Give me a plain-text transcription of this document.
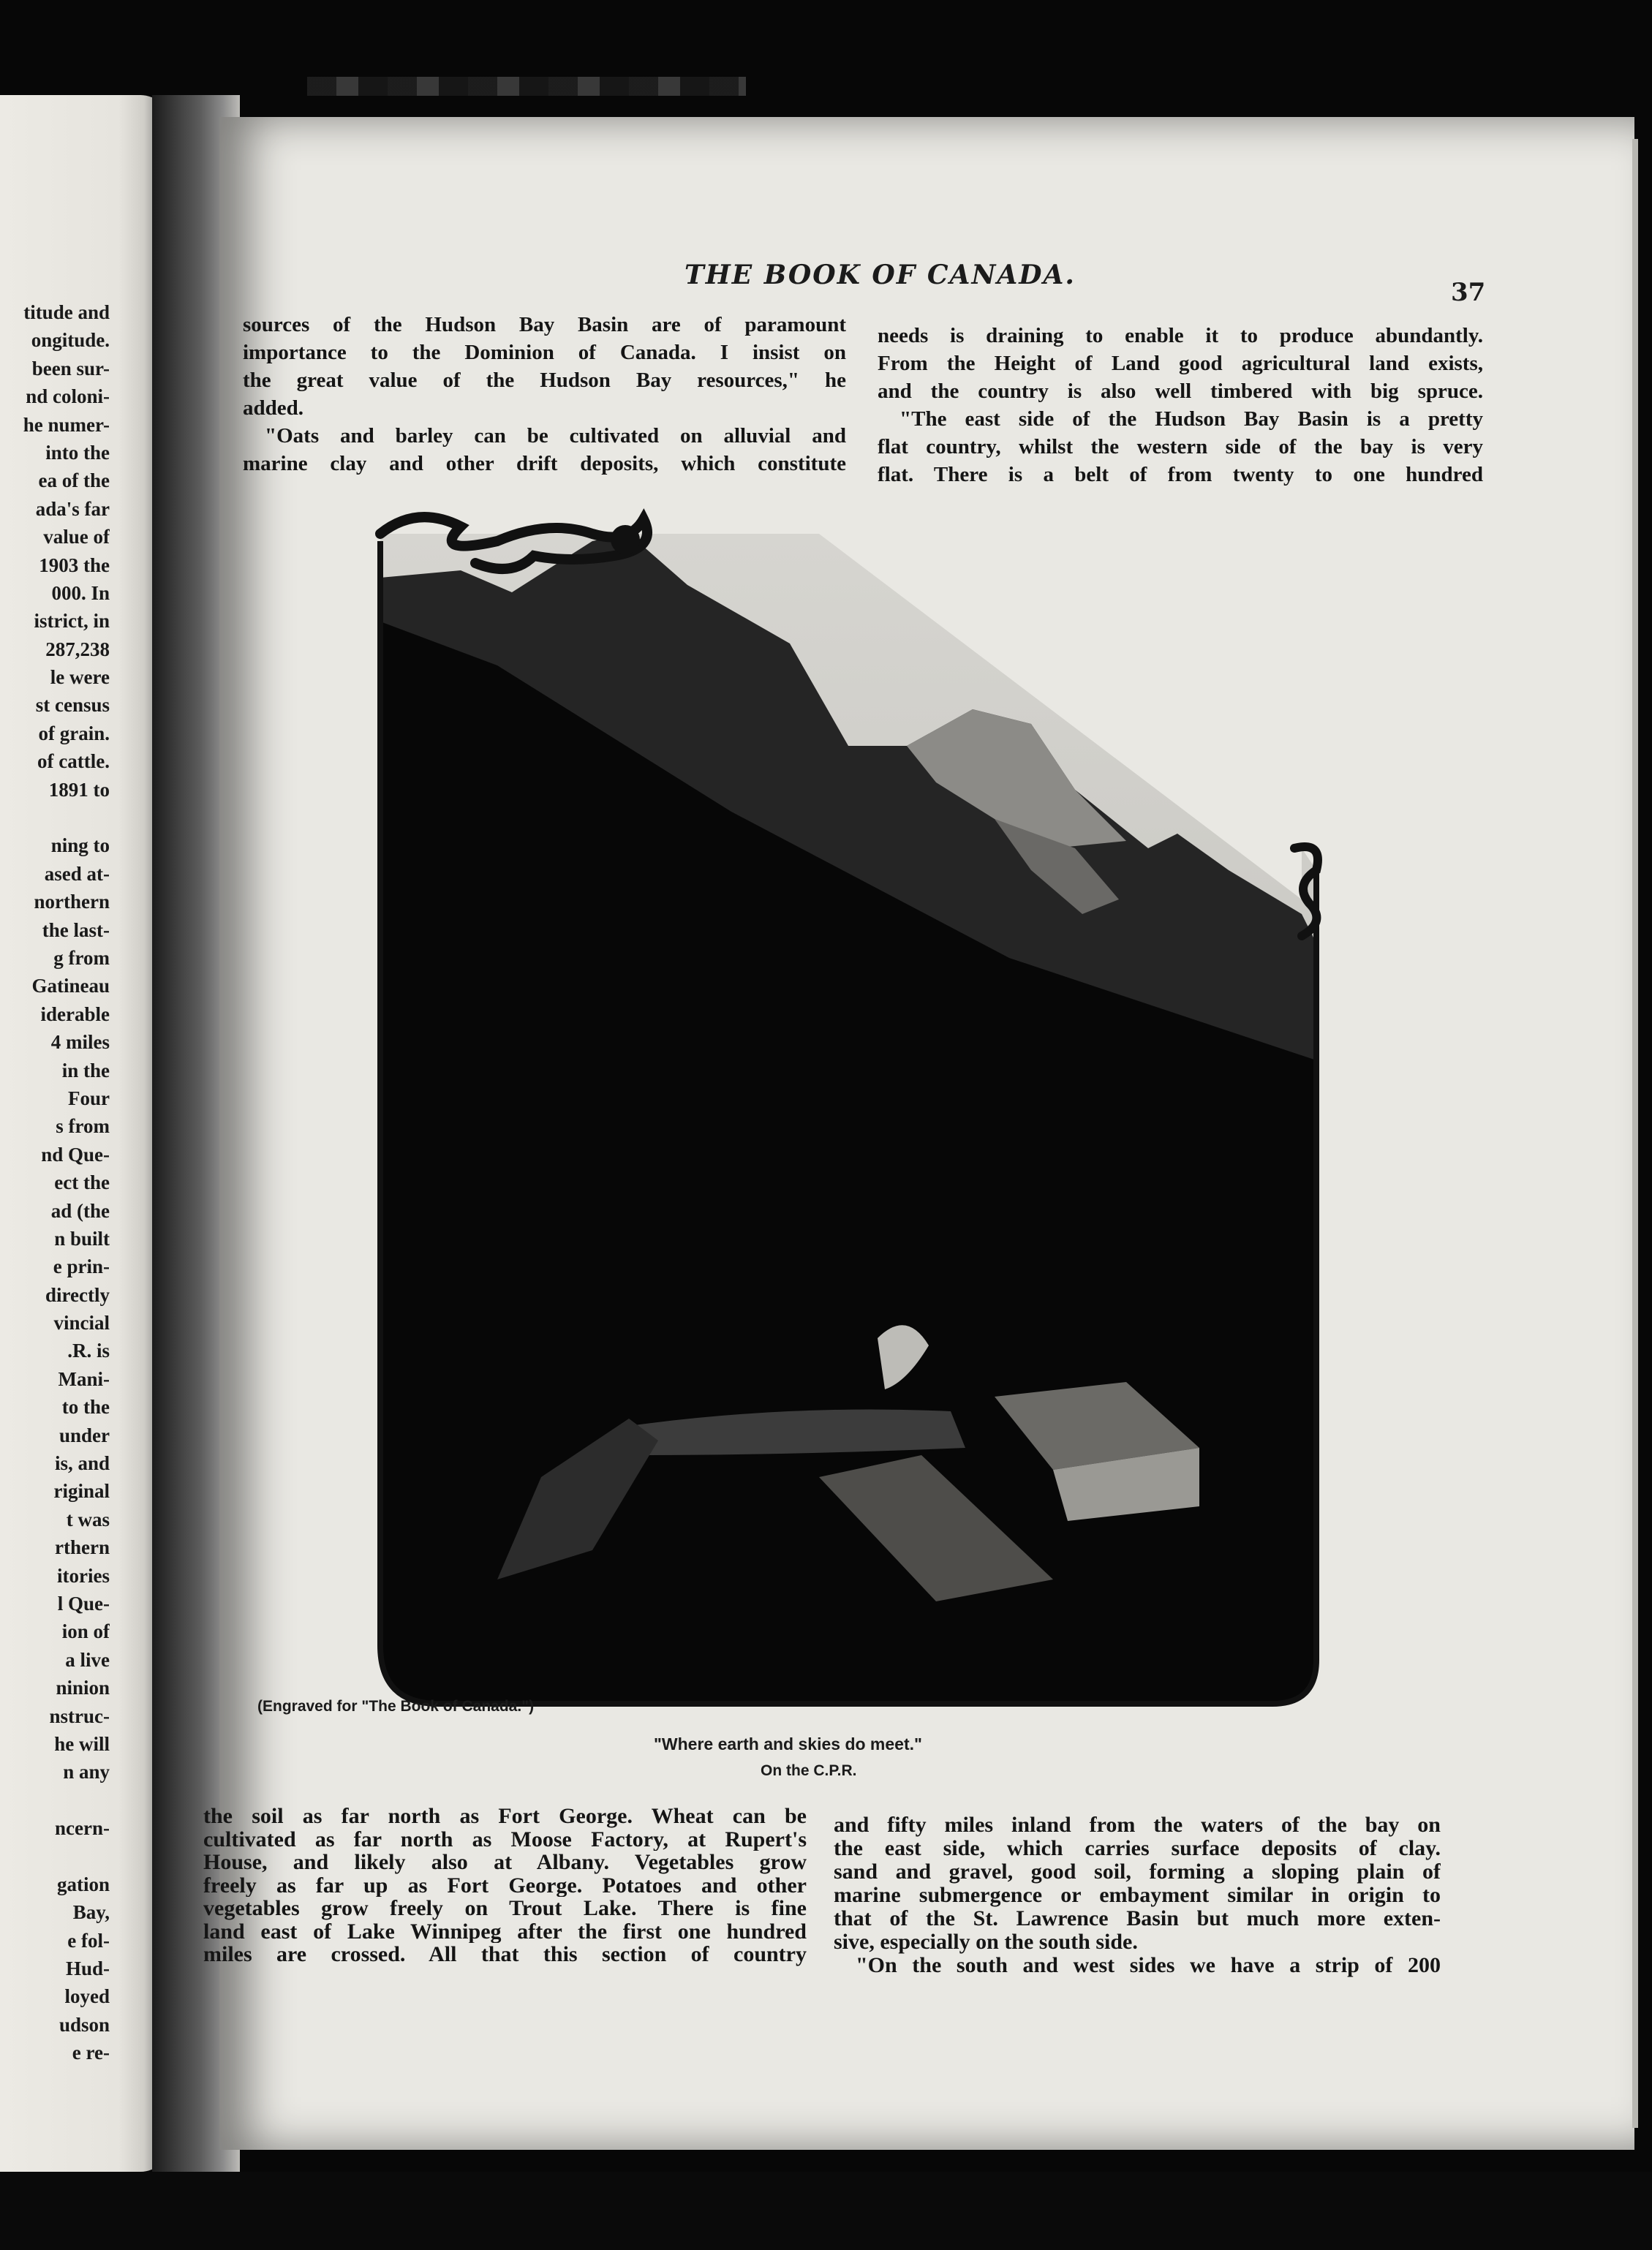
titude and
ongitude.
been sur-
nd coloni-
he numer-
into the
ea of the
ada's far
value of
1903 the
000. In
istrict, in
287,238
le were
st census
of grain.
of cattle.
1891 to
ning to
ased at-
northern
the last-
g from
Gatineau
iderable
4 miles
in the
Four
s from
nd Que-
ect the
ad (the
n built
e prin-
directly
vincial
.R. is
Mani-
to the
under
is, and
riginal
t was
rthern
itories
l Que-
ion of
a live
ninion
nstruc-
he will
n any
ncern-
gation
Bay,
e fol-
Hud-
loyed
udson
e re-
THE BOOK OF CANADA.
37
sources of the Hudson Bay Basin are of paramount
importance to the Dominion of Canada. I insist on
the great value of the Hudson Bay resources," he
added.
"Oats and barley can be cultivated on alluvial and
marine clay and other drift deposits, which constitute
needs is draining to enable it to produce abundantly.
From the Height of Land good agricultural land exists,
and the country is also well timbered with big spruce.
"The east side of the Hudson Bay Basin is a pretty
flat country, whilst the western side of the bay is very
flat. There is a belt of from twenty to one hundred
(Engraved for "The Book of Canada.")
"Where earth and skies do meet."
On the C.P.R.
the soil as far north as Fort George. Wheat can be
cultivated as far north as Moose Factory, at Rupert's
House, and likely also at Albany. Vegetables grow
freely as far up as Fort George. Potatoes and other
vegetables grow freely on Trout Lake. There is fine
land east of Lake Winnipeg after the first one hundred
miles are crossed. All that this section of country
and fifty miles inland from the waters of the bay on
the east side, which carries surface deposits of clay.
sand and gravel, good soil, forming a sloping plain of
marine submergence or embayment similar in origin to
that of the St. Lawrence Basin but much more exten-
sive, especially on the south side.
"On the south and west sides we have a strip of 200
